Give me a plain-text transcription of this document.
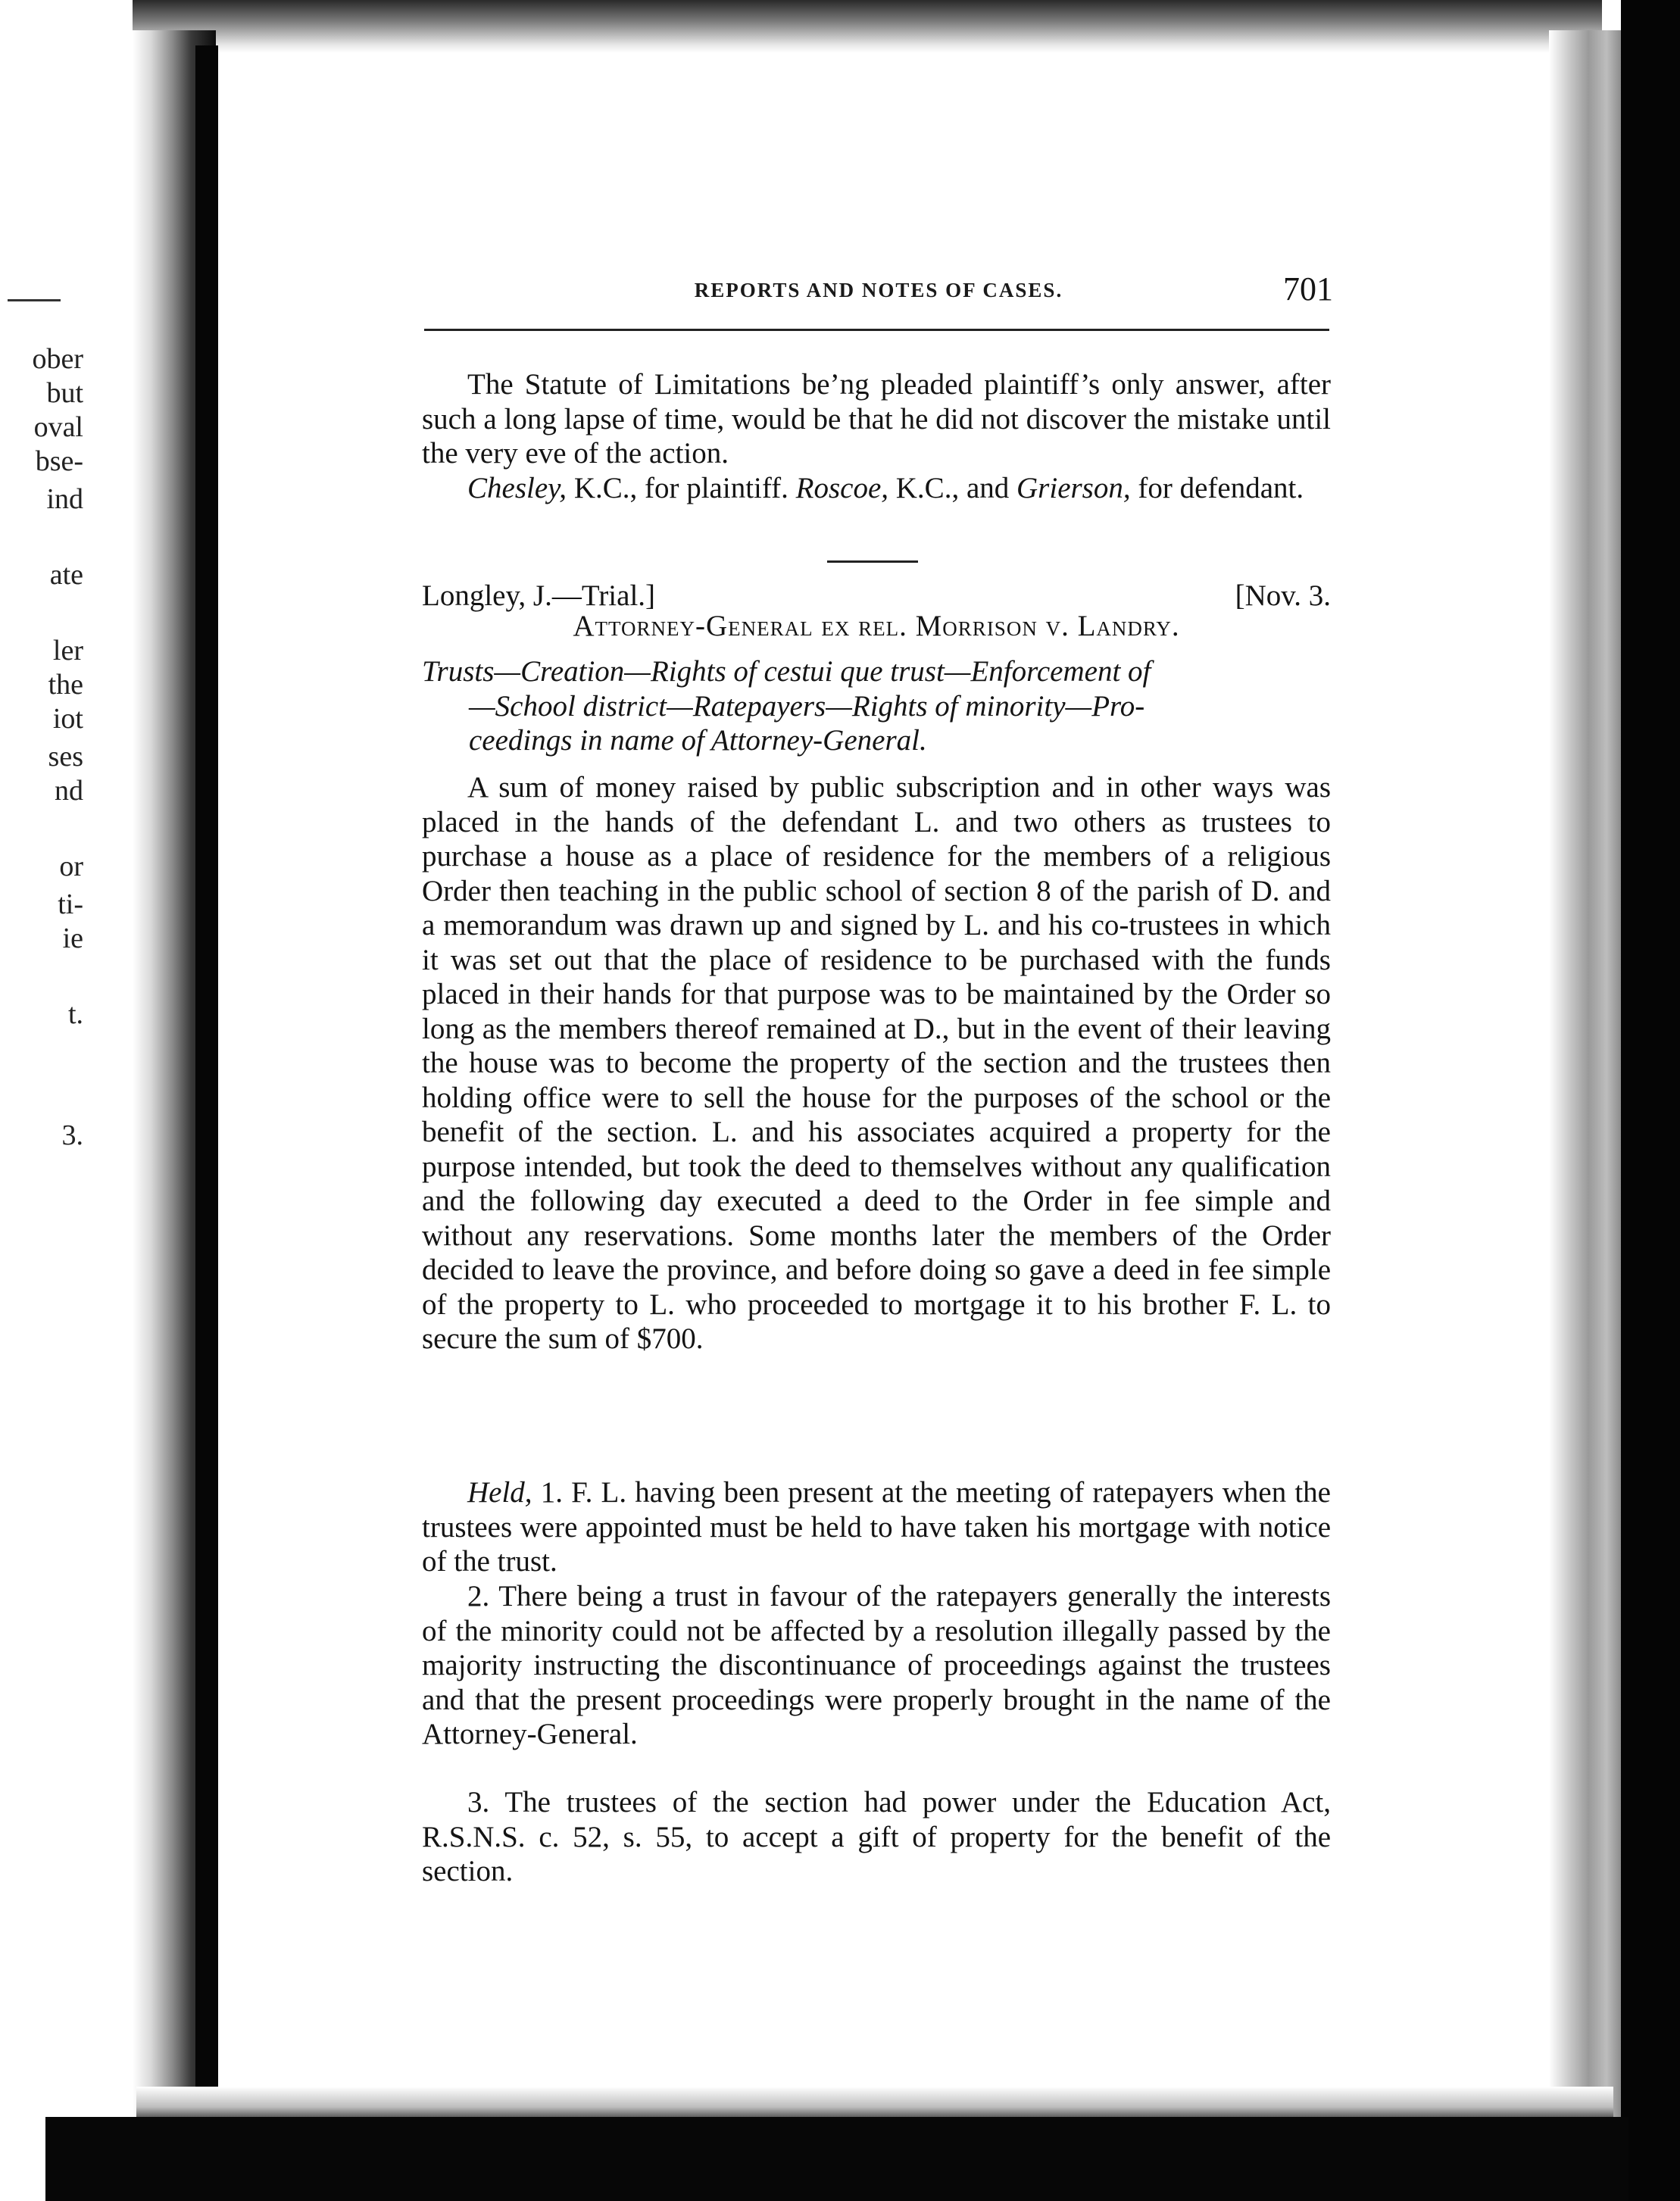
ober
but
oval
bse-
ind
ate
ler
the
iot
ses
nd
or
ti-
ie
t.
3.
REPORTS AND NOTES OF CASES.	701

The Statute of Limitations be’ng pleaded plaintiff’s only answer, after such a long lapse of time, would be that he did not discover the mistake until the very eve of the action.

Chesley, K.C., for plaintiff. Roscoe, K.C., and Grierson, for defendant.

Longley, J.—Trial.]	[Nov. 3.
Attorney-General ex rel. Morrison v. Landry.
Trusts—Creation—Rights of cestui que trust—Enforcement of
—School district—Ratepayers—Rights of minority—Pro-
ceedings in name of Attorney-General.

A sum of money raised by public subscription and in other ways was placed in the hands of the defendant L. and two others as trustees to purchase a house as a place of residence for the members of a religious Order then teaching in the public school of section 8 of the parish of D. and a memorandum was drawn up and signed by L. and his co-trustees in which it was set out that the place of residence to be purchased with the funds placed in their hands for that purpose was to be maintained by the Order so long as the members thereof remained at D., but in the event of their leaving the house was to become the property of the section and the trustees then holding office were to sell the house for the purposes of the school or the benefit of the section. L. and his associates acquired a property for the purpose intended, but took the deed to themselves without any qualification and the following day executed a deed to the Order in fee simple and without any reservations. Some months later the members of the Order decided to leave the province, and before doing so gave a deed in fee simple of the property to L. who proceeded to mortgage it to his brother F. L. to secure the sum of $700.

Held, 1. F. L. having been present at the meeting of ratepayers when the trustees were appointed must be held to have taken his mortgage with notice of the trust.

2. There being a trust in favour of the ratepayers generally the interests of the minority could not be affected by a resolution illegally passed by the majority instructing the discontinuance of proceedings against the trustees and that the present proceedings were properly brought in the name of the Attorney-General.

3. The trustees of the section had power under the Education Act, R.S.N.S. c. 52, s. 55, to accept a gift of property for the benefit of the section.
